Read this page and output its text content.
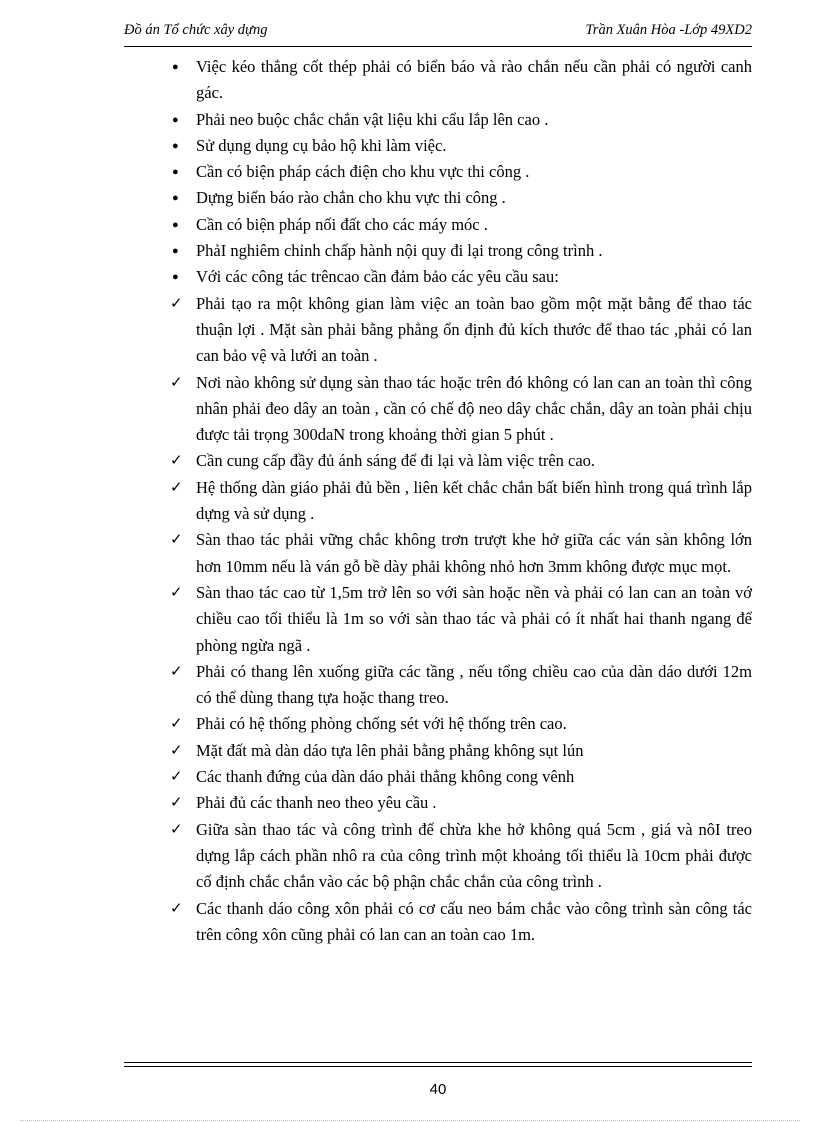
Đồ án Tổ chức xây dựng	Trần Xuân Hòa -Lớp 49XD2

●	Việc kéo thẳng cốt thép phải có biển báo và rào chắn nếu cần phải có người canh gác.

●	Phải neo buộc chắc chắn vật liệu khi cẩu lắp lên cao .

●	Sử dụng dụng cụ bảo hộ khi làm việc.

●	Cần có biện pháp cách điện cho khu vực thi công .

●	Dựng biển báo rào chắn cho khu vực thi công .

●	Cần có biện pháp nối đất cho các máy móc .

●	PhảI nghiêm chỉnh chấp hành nội quy đi lại trong công trình .

●	Với các công tác trêncao cần đảm bảo các yêu cầu sau:

✓ Phải tạo ra một không gian làm việc an toàn bao gồm một mặt bằng để thao tác thuận lợi . Mặt sàn phải bằng phẳng ổn định đủ kích thước để thao tác ,phải có lan can bảo vệ và lưới an toàn .

✓ Nơi nào không sử dụng sàn thao tác hoặc trên đó không có lan can an toàn thì công nhân phải đeo dây an toàn , cần có chế độ neo dây chắc chắn, dây an toàn phải chịu được tải trọng 300daN trong khoảng thời gian 5 phút .

✓ Cần cung cấp đầy đủ ánh sáng để đi lại và làm việc trên cao.

✓ Hệ thống dàn giáo phải đủ bền , liên kết chắc chắn bất biến hình trong quá trình lắp dựng và sử dụng .

✓ Sàn thao tác phải vững chắc không trơn trượt khe hở giữa các ván sàn không lớn hơn 10mm nếu là ván gỗ bề dày phải không nhỏ hơn 3mm không được mục mọt.

✓ Sàn thao tác cao từ 1,5m trở lên so với sàn hoặc nền và phải có lan can an toàn vớ chiều cao tối thiểu là 1m so với sàn thao tác và phải có ít nhất hai thanh ngang để phòng ngừa ngã .

✓ Phải có thang lên xuống giữa các tầng , nếu tổng chiều cao của dàn dáo dưới 12m có thể dùng thang tựa hoặc thang treo.

✓ Phải có hệ thống phòng chống sét với hệ thống trên cao.

✓ Mặt đất mà dàn dáo tựa lên phải bằng phẳng không sụt lún

✓ Các thanh đứng của dàn dáo phải thẳng không cong vênh

✓ Phải đủ các thanh neo theo yêu cầu .

✓ Giữa sàn thao tác và công trình để chừa khe hở không quá 5cm , giá và nôI treo dựng lắp cách phần nhô ra của công trình một khoảng tối thiểu là 10cm phải được cố định chắc chắn vào các bộ phận chắc chắn của công trình .

✓ Các thanh dáo công xôn phải có cơ cấu neo bám chắc vào công trình sàn công tác trên công xôn cũng phải có lan can an toàn cao 1m.

40
